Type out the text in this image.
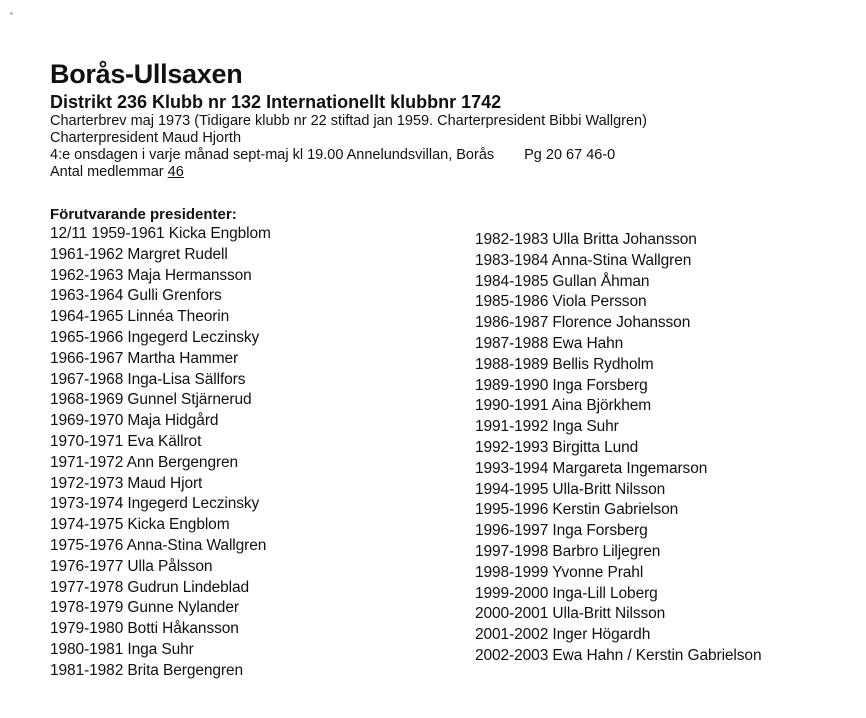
Borås-Ullsaxen
Distrikt 236 Klubb nr 132 Internationellt klubbnr 1742
Charterbrev maj 1973 (Tidigare klubb nr 22 stiftad jan 1959. Charterpresident Bibbi Wallgren)
Charterpresident Maud Hjorth
4:e onsdagen i varje månad sept-maj kl 19.00 Annelundsvillan, Borås Pg 20 67 46-0
Antal medlemmar 46
Förutvarande presidenter:
12/11 1959-1961 Kicka Engblom
1961-1962 Margret Rudell
1962-1963 Maja Hermansson
1963-1964 Gulli Grenfors
1964-1965 Linnéa Theorin
1965-1966 Ingegerd Leczinsky
1966-1967 Martha Hammer
1967-1968 Inga-Lisa Sällfors
1968-1969 Gunnel Stjärnerud
1969-1970 Maja Hidgård
1970-1971 Eva Källrot
1971-1972 Ann Bergengren
1972-1973 Maud Hjort
1973-1974 Ingegerd Leczinsky
1974-1975 Kicka Engblom
1975-1976 Anna-Stina Wallgren
1976-1977 Ulla Pålsson
1977-1978 Gudrun Lindeblad
1978-1979 Gunne Nylander
1979-1980 Botti Håkansson
1980-1981 Inga Suhr
1981-1982 Brita Bergengren
1982-1983 Ulla Britta Johansson
1983-1984 Anna-Stina Wallgren
1984-1985 Gullan Åhman
1985-1986 Viola Persson
1986-1987 Florence Johansson
1987-1988 Ewa Hahn
1988-1989 Bellis Rydholm
1989-1990 Inga Forsberg
1990-1991 Aina Björkhem
1991-1992 Inga Suhr
1992-1993 Birgitta Lund
1993-1994 Margareta Ingemarson
1994-1995 Ulla-Britt Nilsson
1995-1996 Kerstin Gabrielson
1996-1997 Inga Forsberg
1997-1998 Barbro Liljegren
1998-1999 Yvonne Prahl
1999-2000 Inga-Lill Loberg
2000-2001 Ulla-Britt Nilsson
2001-2002 Inger Högardh
2002-2003 Ewa Hahn / Kerstin Gabrielson
